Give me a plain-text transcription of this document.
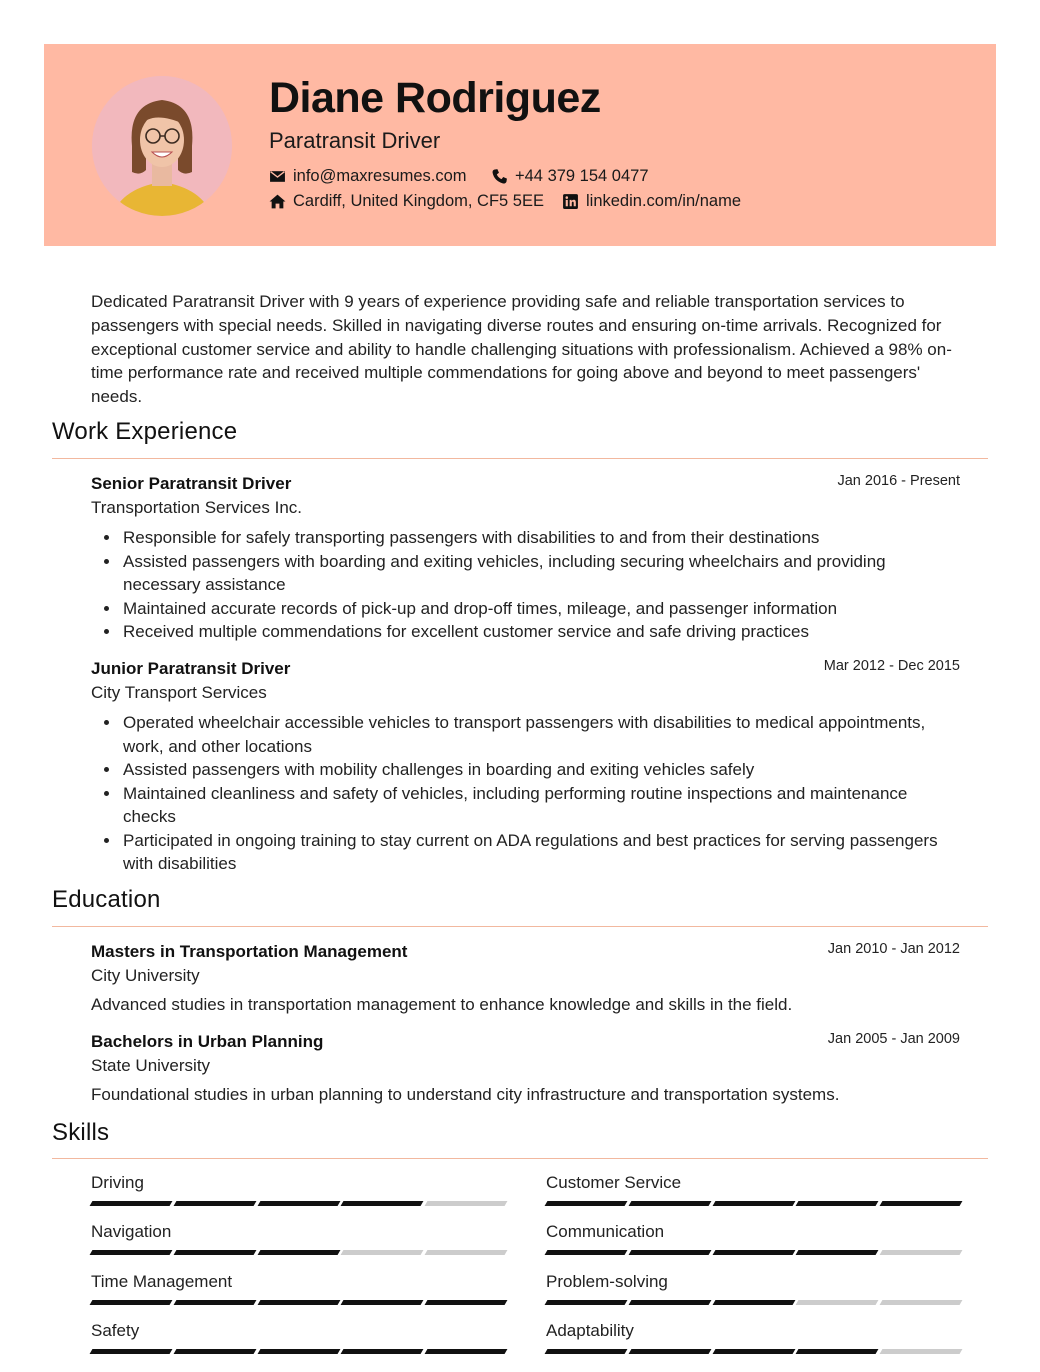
Diane Rodriguez
Paratransit Driver
info@maxresumes.com	+44 379 154 0477
Cardiff, United Kingdom, CF5 5EE	linkedin.com/in/name

Dedicated Paratransit Driver with 9 years of experience providing safe and reliable transportation services to passengers with special needs. Skilled in navigating diverse routes and ensuring on-time arrivals. Recognized for exceptional customer service and ability to handle challenging situations with professionalism. Achieved a 98% on-time performance rate and received multiple commendations for going above and beyond to meet passengers' needs.

Work Experience
Senior Paratransit Driver	Jan 2016 - Present
Transportation Services Inc.
Responsible for safely transporting passengers with disabilities to and from their destinations
Assisted passengers with boarding and exiting vehicles, including securing wheelchairs and providing necessary assistance
Maintained accurate records of pick-up and drop-off times, mileage, and passenger information
Received multiple commendations for excellent customer service and safe driving practices
Junior Paratransit Driver	Mar 2012 - Dec 2015
City Transport Services
Operated wheelchair accessible vehicles to transport passengers with disabilities to medical appointments, work, and other locations
Assisted passengers with mobility challenges in boarding and exiting vehicles safely
Maintained cleanliness and safety of vehicles, including performing routine inspections and maintenance checks
Participated in ongoing training to stay current on ADA regulations and best practices for serving passengers with disabilities
Education
Masters in Transportation Management	Jan 2010 - Jan 2012
City University
Advanced studies in transportation management to enhance knowledge and skills in the field.
Bachelors in Urban Planning	Jan 2005 - Jan 2009
State University
Foundational studies in urban planning to understand city infrastructure and transportation systems.
Skills
Driving	Customer Service
Navigation	Communication
Time Management	Problem-solving
Safety	Adaptability
